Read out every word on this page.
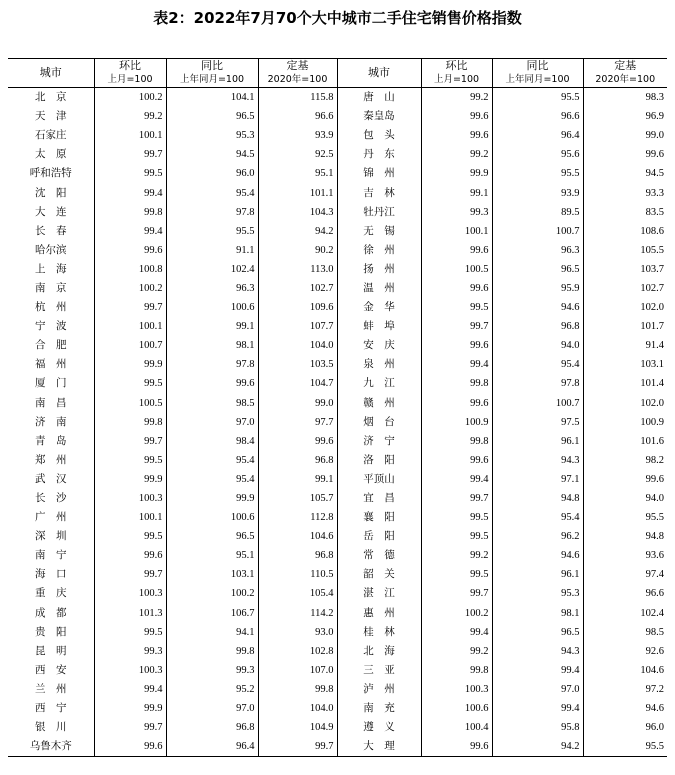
表2：2022年7月70个大中城市二手住宅销售价格指数
城市	环比	同比	定基	城市	环比	同比	定基
	上月=100	上年同月=100	2020年=100		上月=100	上年同月=100	2020年=100
北　京	100.2	104.1	115.8	唐　山	99.2	95.5	98.3
天　津	99.2	96.5	96.6	秦皇岛	99.6	96.6	96.9
石家庄	100.1	95.3	93.9	包　头	99.6	96.4	99.0
太　原	99.7	94.5	92.5	丹　东	99.2	95.6	99.6
呼和浩特	99.5	96.0	95.1	锦　州	99.9	95.5	94.5
沈　阳	99.4	95.4	101.1	吉　林	99.1	93.9	93.3
大　连	99.8	97.8	104.3	牡丹江	99.3	89.5	83.5
长　春	99.4	95.5	94.2	无　锡	100.1	100.7	108.6
哈尔滨	99.6	91.1	90.2	徐　州	99.6	96.3	105.5
上　海	100.8	102.4	113.0	扬　州	100.5	96.5	103.7
南　京	100.2	96.3	102.7	温　州	99.6	95.9	102.7
杭　州	99.7	100.6	109.6	金　华	99.5	94.6	102.0
宁　波	100.1	99.1	107.7	蚌　埠	99.7	96.8	101.7
合　肥	100.7	98.1	104.0	安　庆	99.6	94.0	91.4
福　州	99.9	97.8	103.5	泉　州	99.4	95.4	103.1
厦　门	99.5	99.6	104.7	九　江	99.8	97.8	101.4
南　昌	100.5	98.5	99.0	赣　州	99.6	100.7	102.0
济　南	99.8	97.0	97.7	烟　台	100.9	97.5	100.9
青　岛	99.7	98.4	99.6	济　宁	99.8	96.1	101.6
郑　州	99.5	95.4	96.8	洛　阳	99.6	94.3	98.2
武　汉	99.9	95.4	99.1	平顶山	99.4	97.1	99.6
长　沙	100.3	99.9	105.7	宜　昌	99.7	94.8	94.0
广　州	100.1	100.6	112.8	襄　阳	99.5	95.4	95.5
深　圳	99.5	96.5	104.6	岳　阳	99.5	96.2	94.8
南　宁	99.6	95.1	96.8	常　德	99.2	94.6	93.6
海　口	99.7	103.1	110.5	韶　关	99.5	96.1	97.4
重　庆	100.3	100.2	105.4	湛　江	99.7	95.3	96.6
成　都	101.3	106.7	114.2	惠　州	100.2	98.1	102.4
贵　阳	99.5	94.1	93.0	桂　林	99.4	96.5	98.5
昆　明	99.3	99.8	102.8	北　海	99.2	94.3	92.6
西　安	100.3	99.3	107.0	三　亚	99.8	99.4	104.6
兰　州	99.4	95.2	99.8	泸　州	100.3	97.0	97.2
西　宁	99.9	97.0	104.0	南　充	100.6	99.4	94.6
银　川	99.7	96.8	104.9	遵　义	100.4	95.8	96.0
乌鲁木齐	99.6	96.4	99.7	大　理	99.6	94.2	95.5
